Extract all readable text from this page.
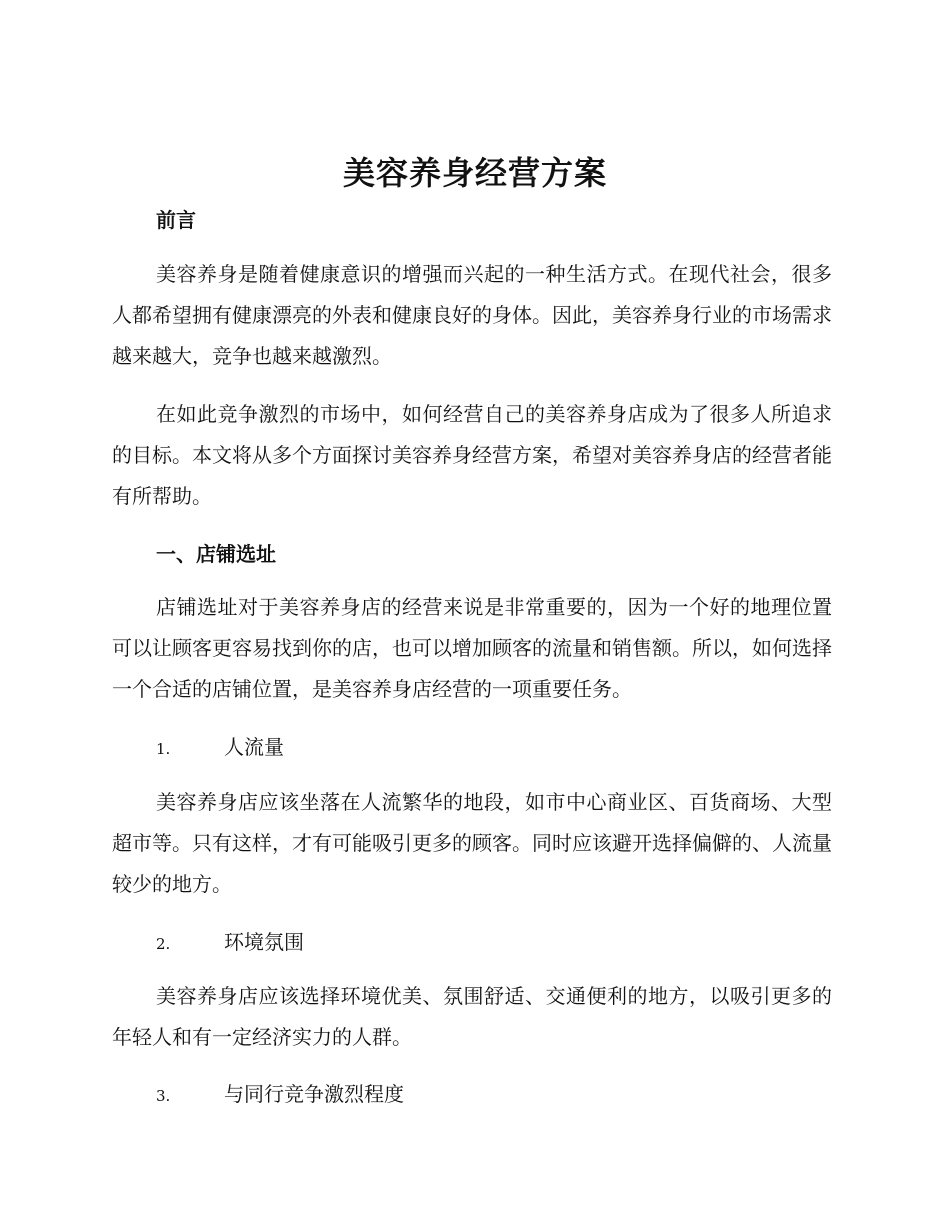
美容养身经营方案
前言

美容养身是随着健康意识的增强而兴起的一种生活方式。在现代社会，很多人都希望拥有健康漂亮的外表和健康良好的身体。因此，美容养身行业的市场需求越来越大，竞争也越来越激烈。

在如此竞争激烈的市场中，如何经营自己的美容养身店成为了很多人所追求的目标。本文将从多个方面探讨美容养身经营方案，希望对美容养身店的经营者能有所帮助。

一、店铺选址

店铺选址对于美容养身店的经营来说是非常重要的，因为一个好的地理位置可以让顾客更容易找到你的店，也可以增加顾客的流量和销售额。所以，如何选择一个合适的店铺位置，是美容养身店经营的一项重要任务。

1.	人流量

美容养身店应该坐落在人流繁华的地段，如市中心商业区、百货商场、大型超市等。只有这样，才有可能吸引更多的顾客。同时应该避开选择偏僻的、人流量较少的地方。

2.	环境氛围

美容养身店应该选择环境优美、氛围舒适、交通便利的地方，以吸引更多的年轻人和有一定经济实力的人群。

3.	与同行竞争激烈程度
